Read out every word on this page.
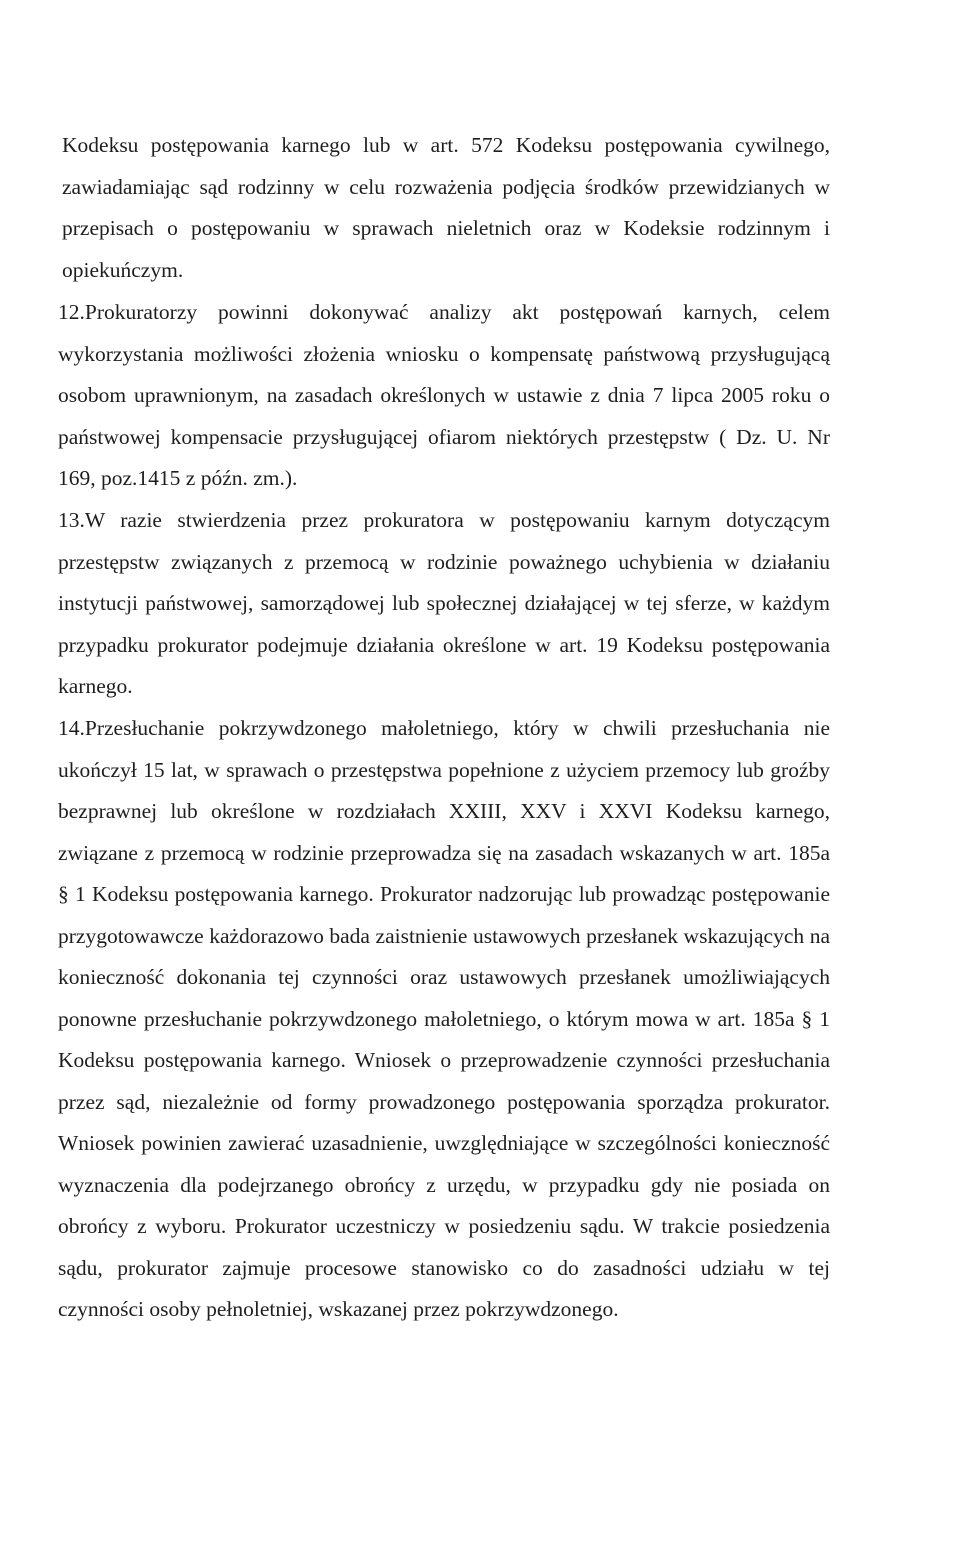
Kodeksu postępowania karnego lub w art. 572 Kodeksu postępowania cywilnego, zawiadamiając sąd rodzinny w celu rozważenia podjęcia środków przewidzianych w przepisach o postępowaniu w sprawach nieletnich oraz w Kodeksie rodzinnym i opiekuńczym.
12.Prokuratorzy powinni dokonywać analizy akt postępowań karnych, celem wykorzystania możliwości złożenia wniosku o kompensatę państwową przysługującą osobom uprawnionym, na zasadach określonych w ustawie z dnia 7 lipca 2005 roku o państwowej kompensacie przysługującej ofiarom niektórych przestępstw ( Dz. U. Nr 169, poz.1415 z późn. zm.).
13.W razie stwierdzenia przez prokuratora w postępowaniu karnym dotyczącym przestępstw związanych z przemocą w rodzinie poważnego uchybienia w działaniu instytucji państwowej, samorządowej lub społecznej działającej w tej sferze, w każdym przypadku prokurator podejmuje działania określone w art. 19 Kodeksu postępowania karnego.
14.Przesłuchanie pokrzywdzonego małoletniego, który w chwili przesłuchania nie ukończył 15 lat, w sprawach o przestępstwa popełnione z użyciem przemocy lub groźby bezprawnej lub określone w rozdziałach XXIII, XXV i XXVI Kodeksu karnego, związane z przemocą w rodzinie przeprowadza się na zasadach wskazanych w art. 185a § 1 Kodeksu postępowania karnego. Prokurator nadzorując lub prowadząc postępowanie przygotowawcze każdorazowo bada zaistnienie ustawowych przesłanek wskazujących na konieczność dokonania tej czynności oraz ustawowych przesłanek umożliwiających ponowne przesłuchanie pokrzywdzonego małoletniego, o którym mowa w art. 185a § 1 Kodeksu postępowania karnego. Wniosek o przeprowadzenie czynności przesłuchania przez sąd, niezależnie od formy prowadzonego postępowania sporządza prokurator. Wniosek powinien zawierać uzasadnienie, uwzględniające w szczególności konieczność wyznaczenia dla podejrzanego obrońcy z urzędu, w przypadku gdy nie posiada on obrońcy z wyboru. Prokurator uczestniczy w posiedzeniu sądu. W trakcie posiedzenia sądu, prokurator zajmuje procesowe stanowisko co do zasadności udziału w tej czynności osoby pełnoletniej, wskazanej przez pokrzywdzonego.
